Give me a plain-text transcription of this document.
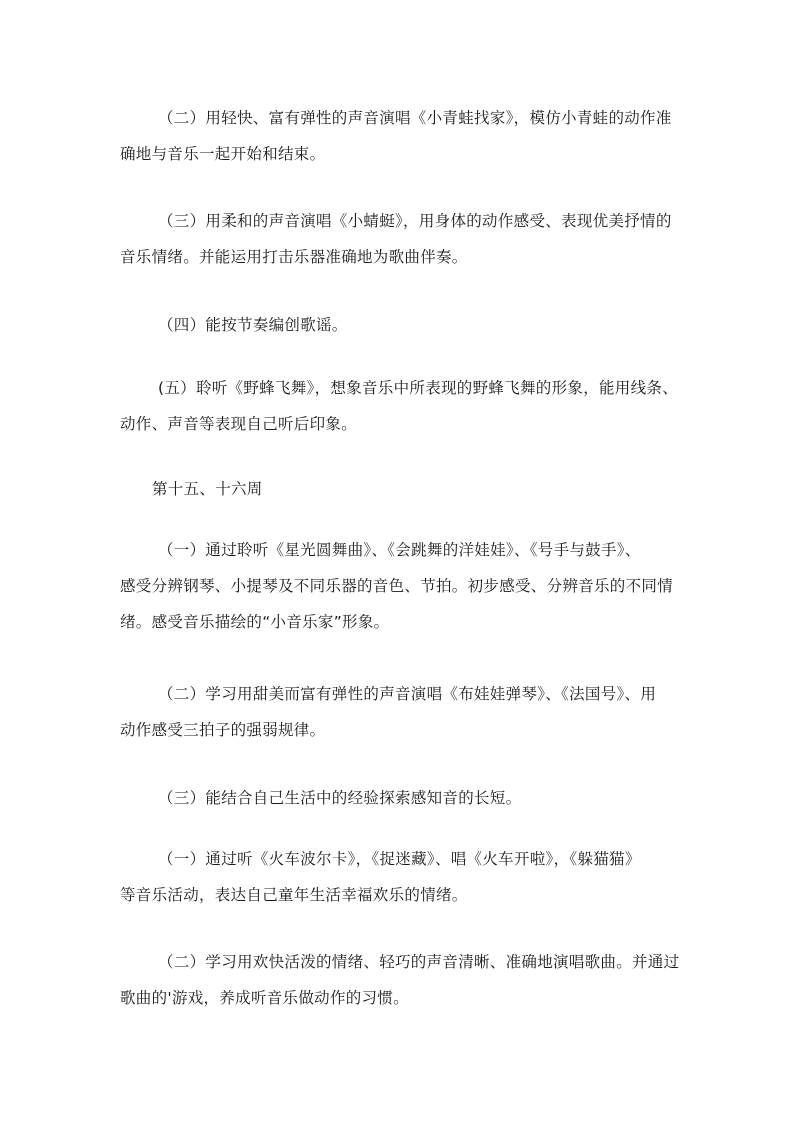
（二）用轻快、富有弹性的声音演唱《小青蛙找家》，模仿小青蛙的动作准
确地与音乐一起开始和结束。
（三）用柔和的声音演唱《小蜻蜓》，用身体的动作感受、表现优美抒情的
音乐情绪。并能运用打击乐器准确地为歌曲伴奏。
（四）能按节奏编创歌谣。
(五）聆听《野蜂飞舞》，想象音乐中所表现的野蜂飞舞的形象，能用线条、
动作、声音等表现自己听后印象。
第十五、十六周
（一）通过聆听《星光圆舞曲》、《会跳舞的洋娃娃》、《号手与鼓手》、
感受分辨钢琴、小提琴及不同乐器的音色、节拍。初步感受、分辨音乐的不同情
绪。感受音乐描绘的“小音乐家”形象。
（二）学习用甜美而富有弹性的声音演唱《布娃娃弹琴》、《法国号》、用
动作感受三拍子的强弱规律。
（三）能结合自己生活中的经验探索感知音的长短。
（一）通过听《火车波尔卡》，《捉迷藏》、唱《火车开啦》，《躲猫猫》
等音乐活动，表达自己童年生活幸福欢乐的情绪。
（二）学习用欢快活泼的情绪、轻巧的声音清晰、准确地演唱歌曲。并通过
歌曲的'游戏，养成听音乐做动作的习惯。
